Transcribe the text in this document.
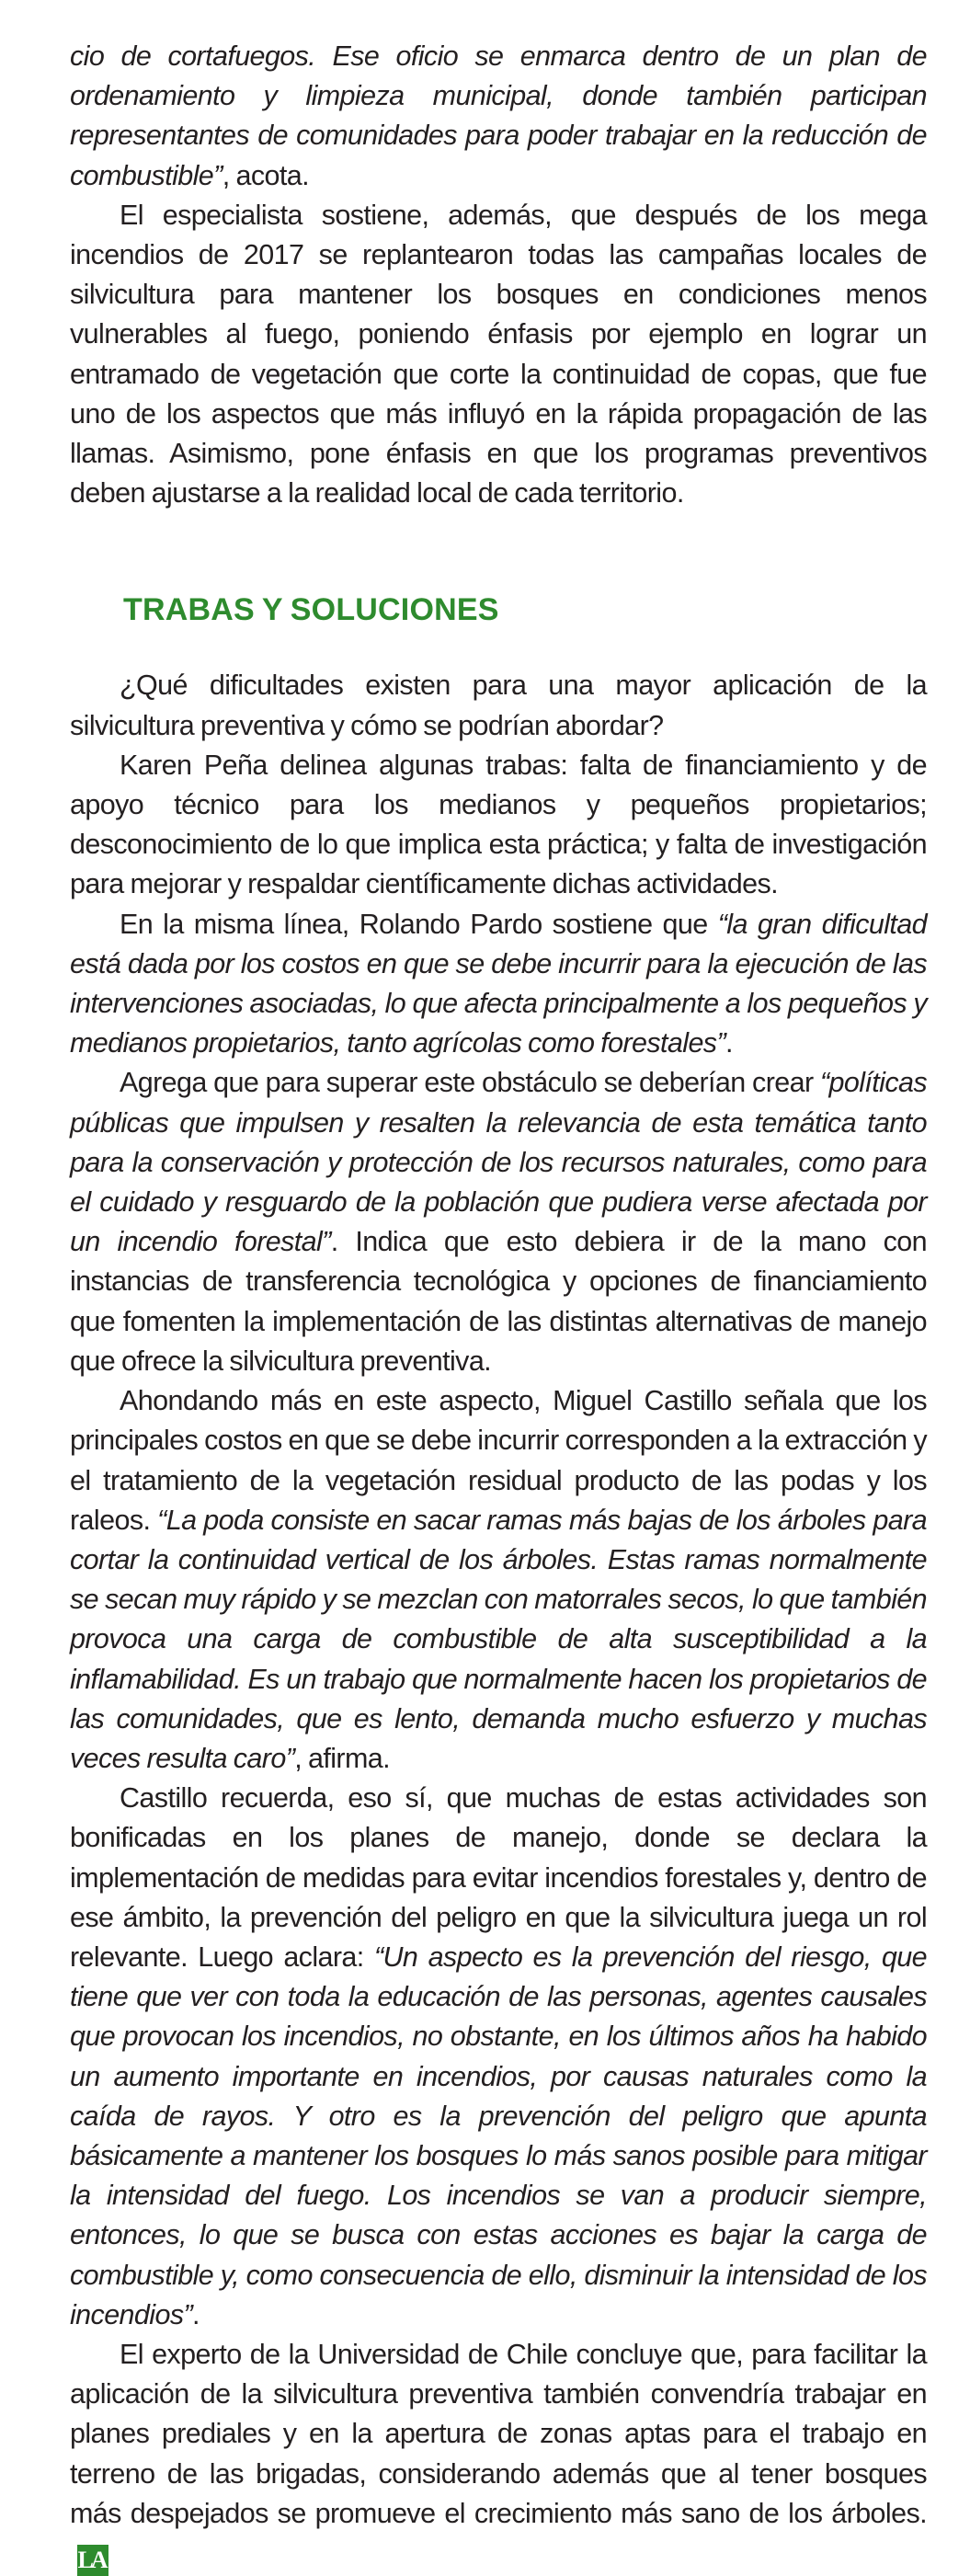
cio de cortafuegos. Ese oficio se enmarca dentro de un plan de ordenamiento y limpieza municipal, donde también participan representantes de comunidades para poder trabajar en la reducción de combustible”, acota.

El especialista sostiene, además, que después de los mega incendios de 2017 se replantearon todas las campañas locales de silvicultura para mantener los bosques en condiciones menos vulnerables al fuego, poniendo énfasis por ejemplo en lograr un entramado de vegetación que corte la continuidad de copas, que fue uno de los aspectos que más influyó en la rápida propagación de las llamas. Asimismo, pone énfasis en que los programas preventivos deben ajustarse a la realidad local de cada territorio.

TRABAS Y SOLUCIONES

¿Qué dificultades existen para una mayor aplicación de la silvicultura preventiva y cómo se podrían abordar?

Karen Peña delinea algunas trabas: falta de financiamiento y de apoyo técnico para los medianos y pequeños propietarios; desconocimiento de lo que implica esta práctica; y falta de investigación para mejorar y respaldar científicamente dichas actividades.

En la misma línea, Rolando Pardo sostiene que “la gran dificultad está dada por los costos en que se debe incurrir para la ejecución de las intervenciones asociadas, lo que afecta principalmente a los pequeños y medianos propietarios, tanto agrícolas como forestales”.

Agrega que para superar este obstáculo se deberían crear “políticas públicas que impulsen y resalten la relevancia de esta temática tanto para la conservación y protección de los recursos naturales, como para el cuidado y resguardo de la población que pudiera verse afectada por un incendio forestal”. Indica que esto debiera ir de la mano con instancias de transferencia tecnológica y opciones de financiamiento que fomenten la implementación de las distintas alternativas de manejo que ofrece la silvicultura preventiva.

Ahondando más en este aspecto, Miguel Castillo señala que los principales costos en que se debe incurrir corresponden a la extracción y el tratamiento de la vegetación residual producto de las podas y los raleos. “La poda consiste en sacar ramas más bajas de los árboles para cortar la continuidad vertical de los árboles. Estas ramas normalmente se secan muy rápido y se mezclan con matorrales secos, lo que también provoca una carga de combustible de alta susceptibilidad a la inflamabilidad. Es un trabajo que normalmente hacen los propietarios de las comunidades, que es lento, demanda mucho esfuerzo y muchas veces resulta caro”, afirma.

Castillo recuerda, eso sí, que muchas de estas actividades son bonificadas en los planes de manejo, donde se declara la implementación de medidas para evitar incendios forestales y, dentro de ese ámbito, la prevención del peligro en que la silvicultura juega un rol relevante. Luego aclara: “Un aspecto es la prevención del riesgo, que tiene que ver con toda la educación de las personas, agentes causales que provocan los incendios, no obstante, en los últimos años ha habido un aumento importante en incendios, por causas naturales como la caída de rayos. Y otro es la prevención del peligro que apunta básicamente a mantener los bosques lo más sanos posible para mitigar la intensidad del fuego. Los incendios se van a producir siempre, entonces, lo que se busca con estas acciones es bajar la carga de combustible y, como consecuencia de ello, disminuir la intensidad de los incendios”.

El experto de la Universidad de Chile concluye que, para facilitar la aplicación de la silvicultura preventiva también convendría trabajar en planes prediales y en la apertura de zonas aptas para el trabajo en terreno de las brigadas, considerando además que al tener bosques más despejados se promueve el crecimiento más sano de los árboles.LA
